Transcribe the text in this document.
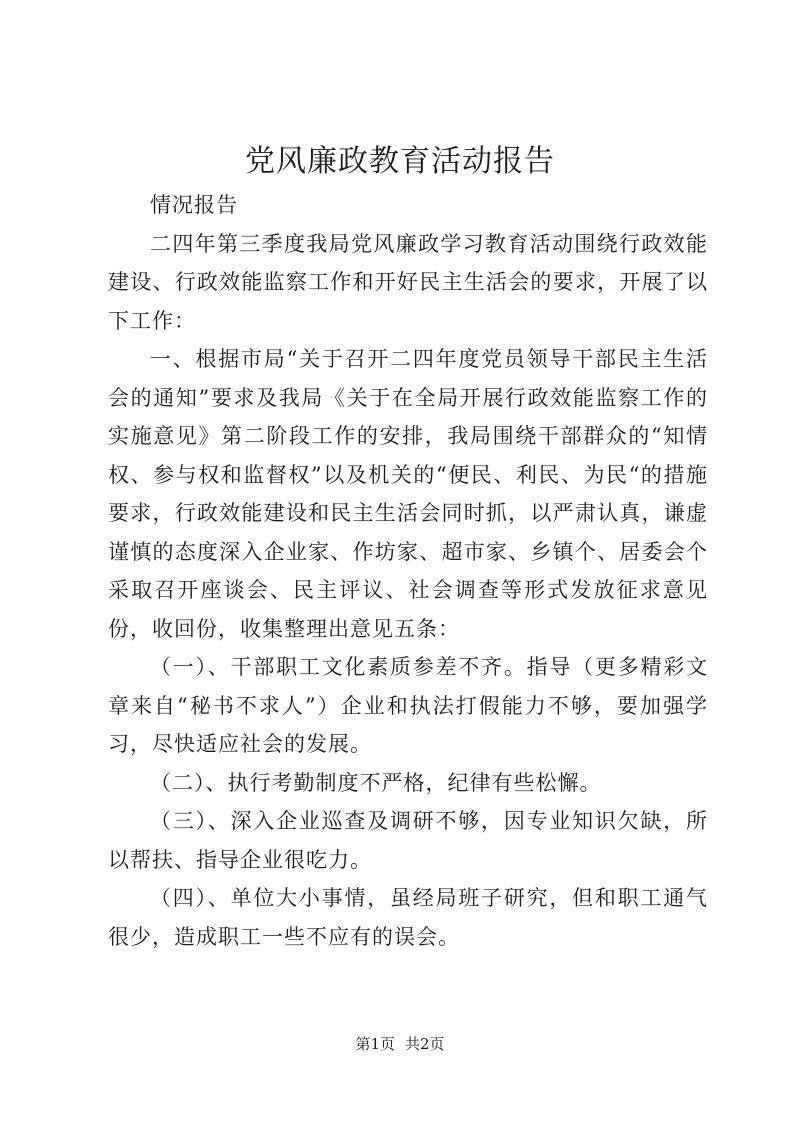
党风廉政教育活动报告

情况报告

二四年第三季度我局党风廉政学习教育活动围绕行政效能建设、行政效能监察工作和开好民主生活会的要求，开展了以下工作：

一、根据市局“关于召开二四年度党员领导干部民主生活会的通知”要求及我局《关于在全局开展行政效能监察工作的实施意见》第二阶段工作的安排，我局围绕干部群众的“知情权、参与权和监督权”以及机关的“便民、利民、为民“的措施要求，行政效能建设和民主生活会同时抓，以严肃认真，谦虚谨慎的态度深入企业家、作坊家、超市家、乡镇个、居委会个采取召开座谈会、民主评议、社会调查等形式发放征求意见份，收回份，收集整理出意见五条：

（一）、干部职工文化素质参差不齐。指导（更多精彩文章来自“秘书不求人”）企业和执法打假能力不够，要加强学习，尽快适应社会的发展。

（二）、执行考勤制度不严格，纪律有些松懈。

（三）、深入企业巡查及调研不够，因专业知识欠缺，所以帮扶、指导企业很吃力。

（四）、单位大小事情，虽经局班子研究，但和职工通气很少，造成职工一些不应有的误会。

第1页 共2页
